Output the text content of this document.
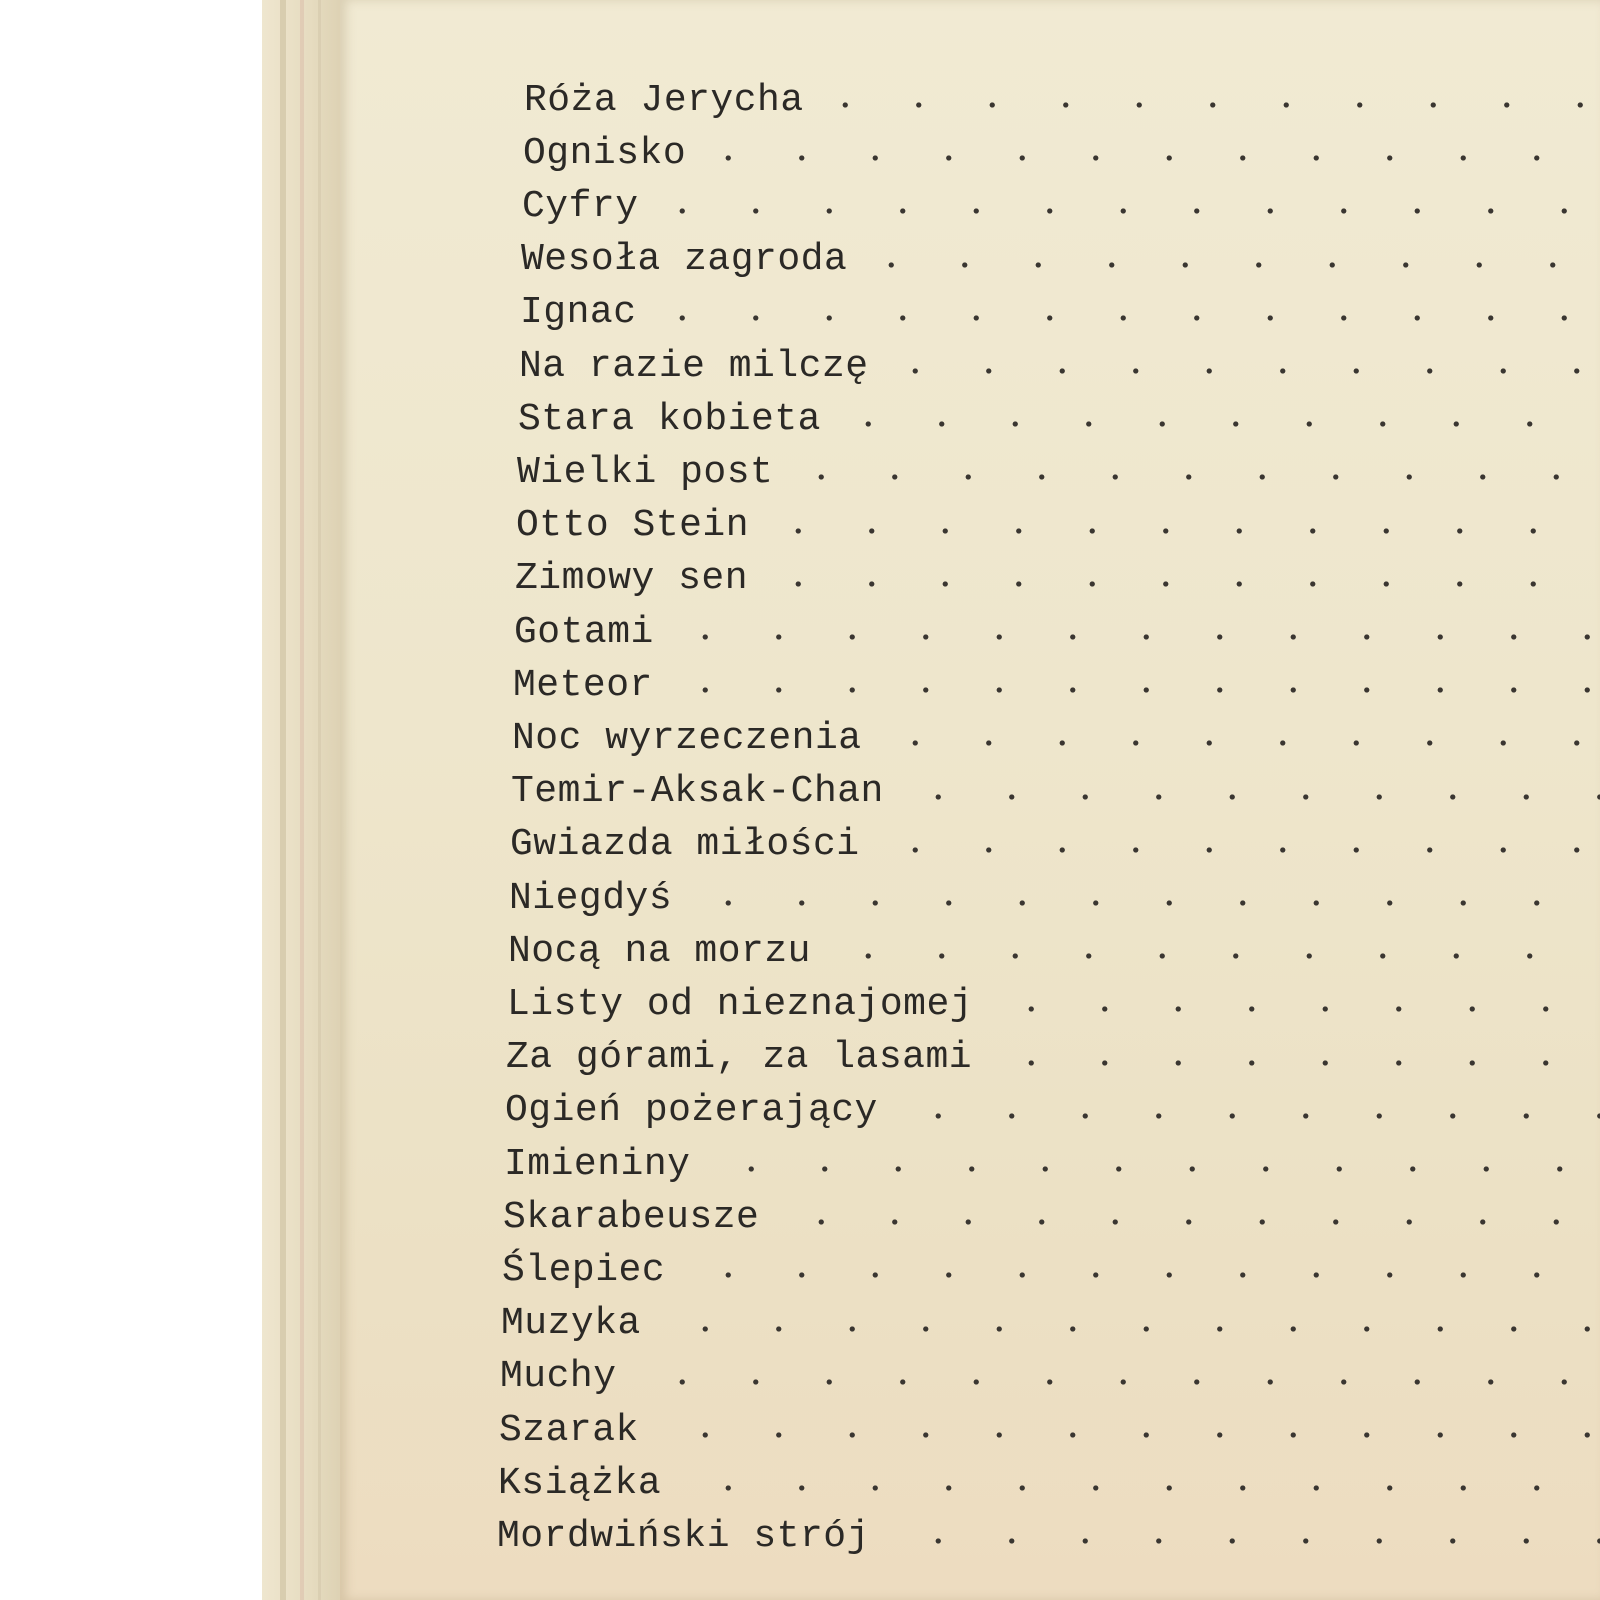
Róża Jerycha
Ognisko
Cyfry
Wesoła zagroda
Ignac
Na razie milczę
Stara kobieta
Wielki post
Otto Stein
Zimowy sen
Gotami
Meteor
Noc wyrzeczenia
Temir-Aksak-Chan
Gwiazda miłości
Niegdyś
Nocą na morzu
Listy od nieznajomej
Za górami, za lasami
Ogień pożerający
Imieniny
Skarabeusze
Ślepiec
Muzyka
Muchy
Szarak
Książka
Mordwiński strój
